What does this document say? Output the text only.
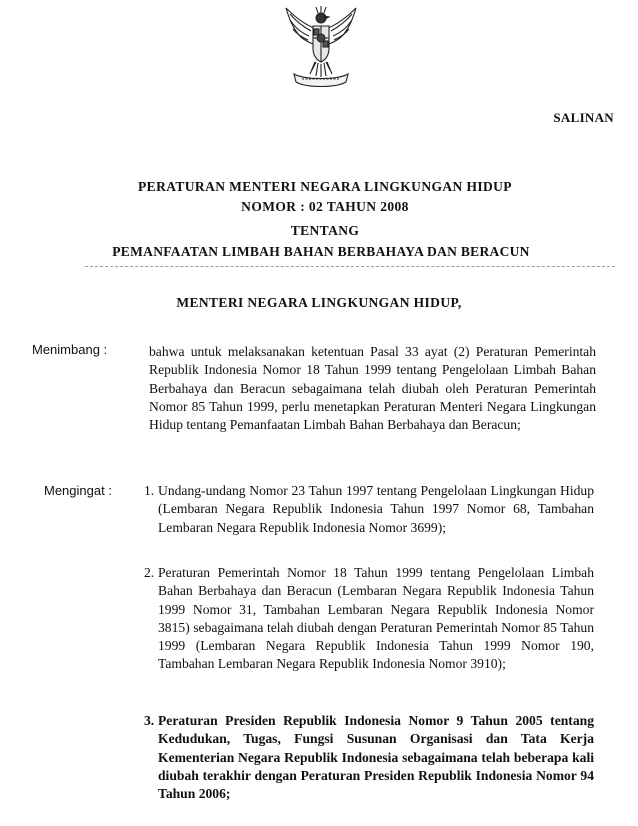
SALINAN
PERATURAN MENTERI NEGARA LINGKUNGAN HIDUP
NOMOR : 02 TAHUN 2008
TENTANG
PEMANFAATAN LIMBAH BAHAN BERBAHAYA DAN BERACUN
MENTERI NEGARA LINGKUNGAN HIDUP,
Menimbang :	bahwa untuk melaksanakan ketentuan Pasal 33 ayat (2) Peraturan Pemerintah Republik Indonesia Nomor 18 Tahun 1999 tentang Pengelolaan Limbah Bahan Berbahaya dan Beracun sebagaimana telah diubah oleh Peraturan Pemerintah Nomor 85 Tahun 1999, perlu menetapkan Peraturan Menteri Negara Lingkungan Hidup tentang Pemanfaatan Limbah Bahan Berbahaya dan Beracun;
Mengingat : 1. Undang-undang Nomor 23 Tahun 1997 tentang Pengelolaan Lingkungan Hidup (Lembaran Negara Republik Indonesia Tahun 1997 Nomor 68, Tambahan Lembaran Negara Republik Indonesia Nomor 3699);
2. Peraturan Pemerintah Nomor 18 Tahun 1999 tentang Pengelolaan Limbah Bahan Berbahaya dan Beracun (Lembaran Negara Republik Indonesia Tahun 1999 Nomor 31, Tambahan Lembaran Negara Republik Indonesia Nomor 3815) sebagaimana telah diubah dengan Peraturan Pemerintah Nomor 85 Tahun 1999 (Lembaran Negara Republik Indonesia Tahun 1999 Nomor 190, Tambahan Lembaran Negara Republik Indonesia Nomor 3910);
3. Peraturan Presiden Republik Indonesia Nomor 9 Tahun 2005 tentang Kedudukan, Tugas, Fungsi Susunan Organisasi dan Tata Kerja Kementerian Negara Republik Indonesia sebagaimana telah beberapa kali diubah terakhir dengan Peraturan Presiden Republik Indonesia Nomor 94 Tahun 2006;
